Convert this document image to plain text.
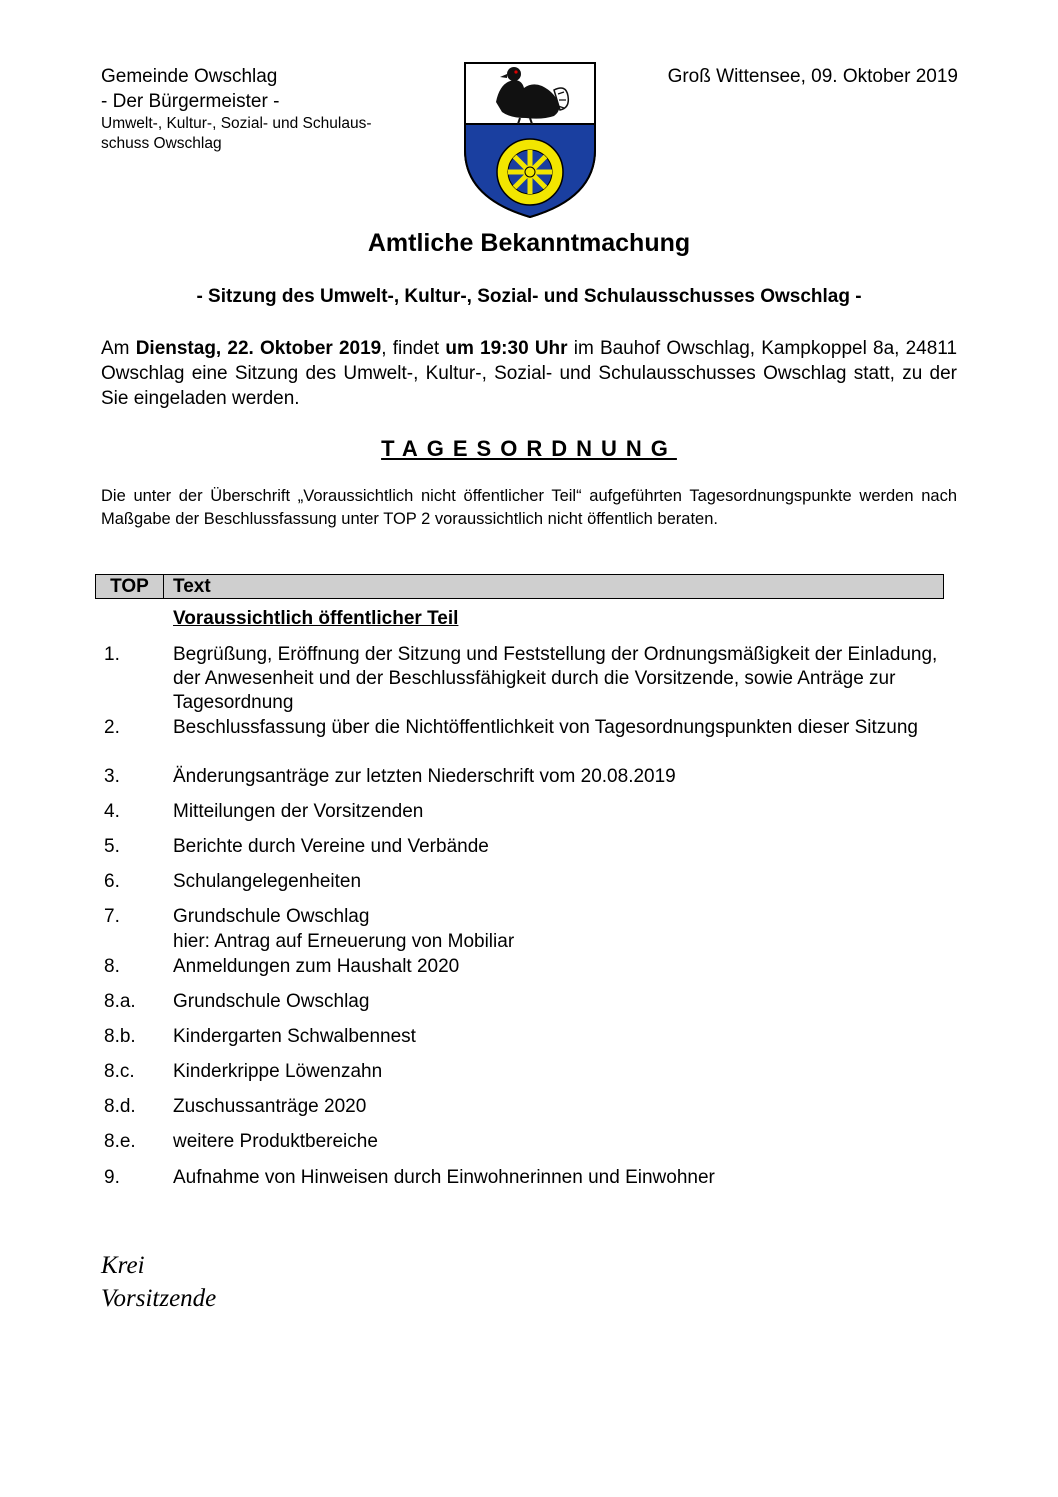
Gemeinde Owschlag
- Der Bürgermeister -
Umwelt-, Kultur-, Sozial- und Schulaus-
schuss Owschlag
Groß Wittensee, 09. Oktober 2019
Amtliche Bekanntmachung
- Sitzung des Umwelt-, Kultur-, Sozial- und Schulausschusses Owschlag -
Am Dienstag, 22. Oktober 2019, findet um 19:30 Uhr im Bauhof Owschlag, Kampkoppel 8a, 24811 Owschlag eine Sitzung des Umwelt-, Kultur-, Sozial- und Schulausschusses Owschlag statt, zu der Sie eingeladen werden.
TAGESORDNUNG
Die unter der Überschrift „Voraussichtlich nicht öffentlicher Teil“ aufgeführten Tagesordnungspunkte werden nach Maßgabe der Beschlussfassung unter TOP 2 voraussichtlich nicht öffentlich beraten.
TOP	Text
Voraussichtlich öffentlicher Teil
1.	Begrüßung, Eröffnung der Sitzung und Feststellung der Ordnungsmäßigkeit der Einladung, der Anwesenheit und der Beschlussfähigkeit durch die Vorsitzende, sowie Anträge zur Tagesordnung
2.	Beschlussfassung über die Nichtöffentlichkeit von Tagesordnungspunkten dieser Sitzung
3.	Änderungsanträge zur letzten Niederschrift vom 20.08.2019
4.	Mitteilungen der Vorsitzenden
5.	Berichte durch Vereine und Verbände
6.	Schulangelegenheiten
7.	Grundschule Owschlag
hier: Antrag auf Erneuerung von Mobiliar
8.	Anmeldungen zum Haushalt 2020
8.a. Grundschule Owschlag
8.b. Kindergarten Schwalbennest
8.c. Kinderkrippe Löwenzahn
8.d. Zuschussanträge 2020
8.e. weitere Produktbereiche
9.	Aufnahme von Hinweisen durch Einwohnerinnen und Einwohner
Krei
Vorsitzende
